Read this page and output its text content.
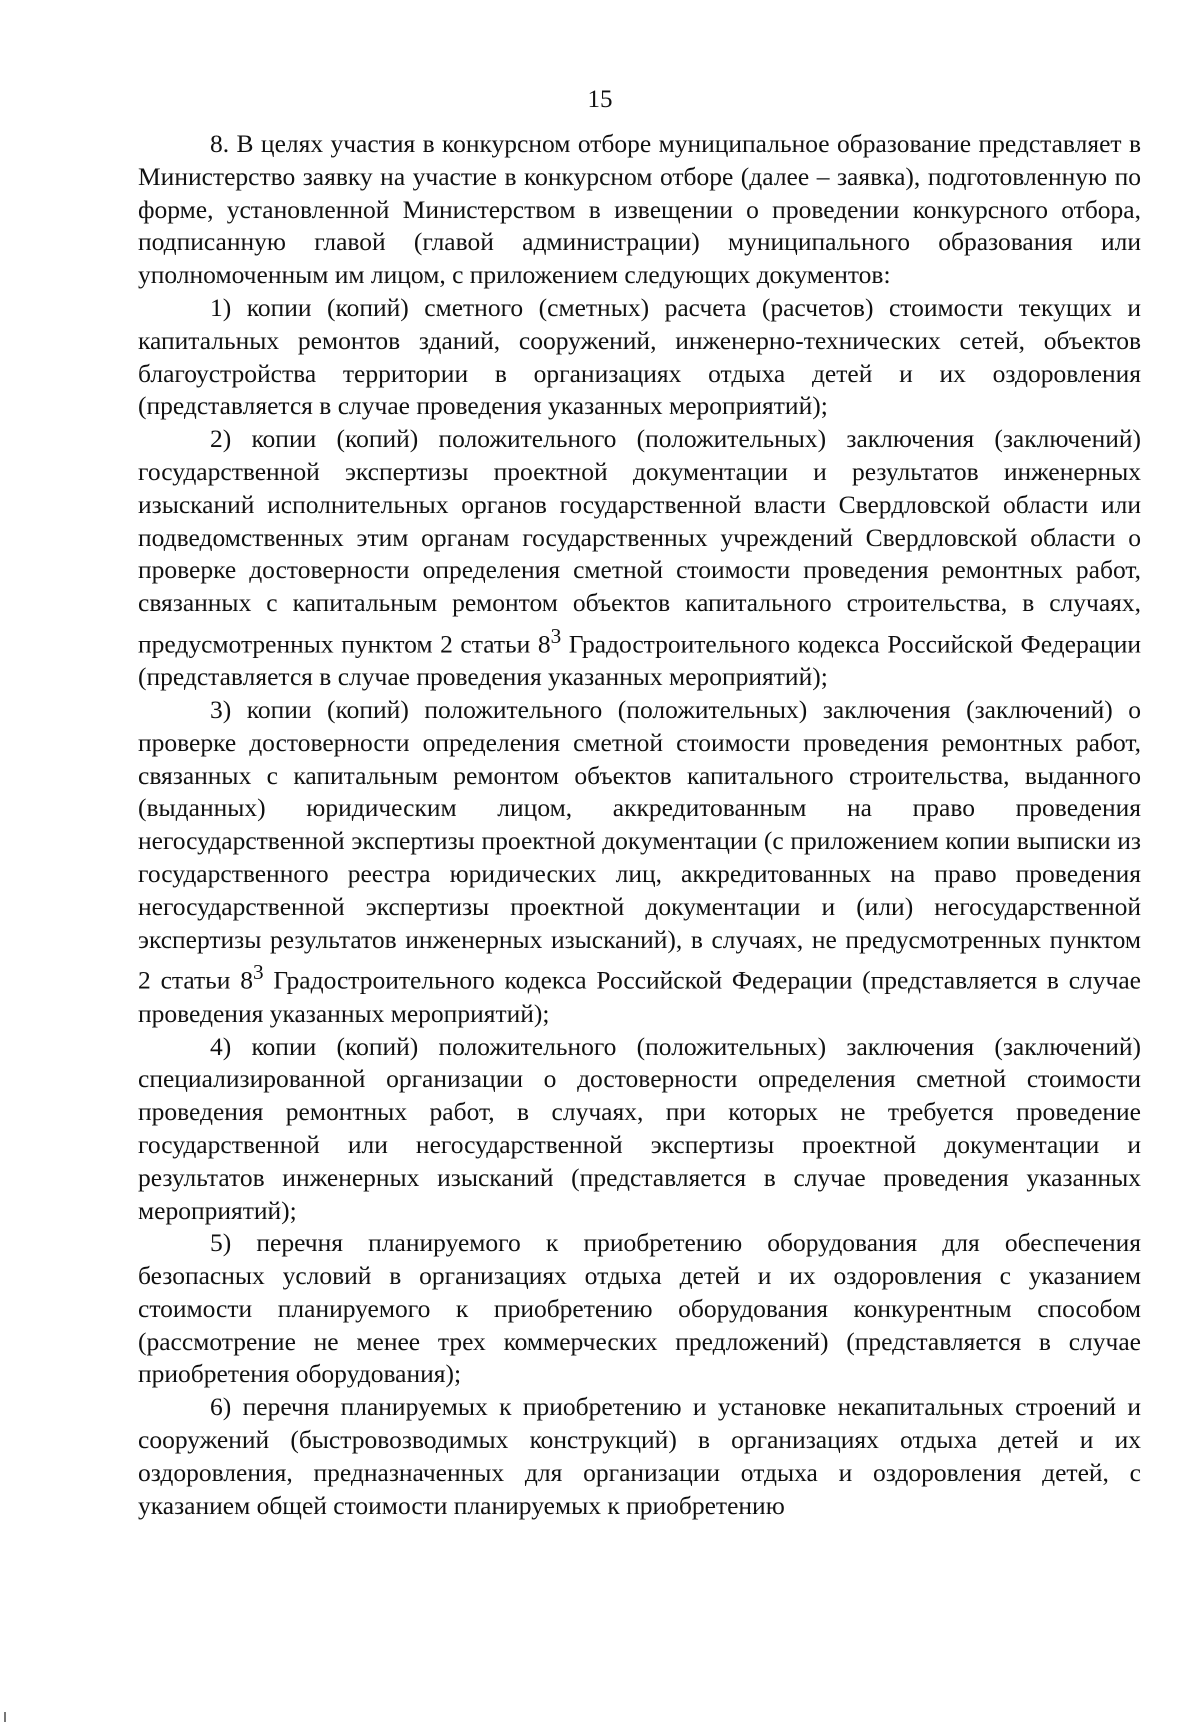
15

8. В целях участия в конкурсном отборе муниципальное образование представляет в Министерство заявку на участие в конкурсном отборе (далее – заявка), подготовленную по форме, установленной Министерством в извещении о проведении конкурсного отбора, подписанную главой (главой администрации) муниципального образования или уполномоченным им лицом, с приложением следующих документов:

1) копии (копий) сметного (сметных) расчета (расчетов) стоимости текущих и капитальных ремонтов зданий, сооружений, инженерно-технических сетей, объектов благоустройства территории в организациях отдыха детей и их оздоровления (представляется в случае проведения указанных мероприятий);

2) копии (копий) положительного (положительных) заключения (заключений) государственной экспертизы проектной документации и результатов инженерных изысканий исполнительных органов государственной власти Свердловской области или подведомственных этим органам государственных учреждений Свердловской области о проверке достоверности определения сметной стоимости проведения ремонтных работ, связанных с капитальным ремонтом объектов капитального строительства, в случаях, предусмотренных пунктом 2 статьи $8^3$ Градостроительного кодекса Российской Федерации (представляется в случае проведения указанных мероприятий);

3) копии (копий) положительного (положительных) заключения (заключений) о проверке достоверности определения сметной стоимости проведения ремонтных работ, связанных с капитальным ремонтом объектов капитального строительства, выданного (выданных) юридическим лицом, аккредитованным на право проведения негосударственной экспертизы проектной документации (с приложением копии выписки из государственного реестра юридических лиц, аккредитованных на право проведения негосударственной экспертизы проектной документации и (или) негосударственной экспертизы результатов инженерных изысканий), в случаях, не предусмотренных пунктом 2 статьи $8^3$ Градостроительного кодекса Российской Федерации (представляется в случае проведения указанных мероприятий);

4) копии (копий) положительного (положительных) заключения (заключений) специализированной организации о достоверности определения сметной стоимости проведения ремонтных работ, в случаях, при которых не требуется проведение государственной или негосударственной экспертизы проектной документации и результатов инженерных изысканий (представляется в случае проведения указанных мероприятий);

5) перечня планируемого к приобретению оборудования для обеспечения безопасных условий в организациях отдыха детей и их оздоровления с указанием стоимости планируемого к приобретению оборудования конкурентным способом (рассмотрение не менее трех коммерческих предложений) (представляется в случае приобретения оборудования);

6) перечня планируемых к приобретению и установке некапитальных строений и сооружений (быстровозводимых конструкций) в организациях отдыха детей и их оздоровления, предназначенных для организации отдыха и оздоровления детей, с указанием общей стоимости планируемых к приобретению
